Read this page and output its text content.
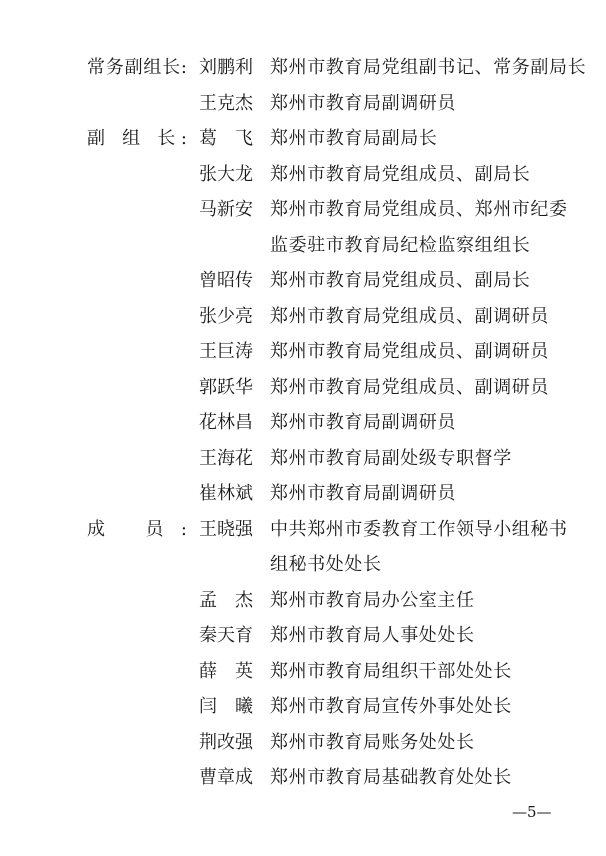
常务副组长: 刘鹏利 郑州市教育局党组副书记、常务副局长
王克杰 郑州市教育局副调研员
副 组 长: 葛 飞 郑州市教育局副局长
张大龙 郑州市教育局党组成员、副局长
马新安 郑州市教育局党组成员、郑州市纪委
监委驻市教育局纪检监察组组长
曾昭传 郑州市教育局党组成员、副局长
张少亮 郑州市教育局党组成员、副调研员
王巨涛 郑州市教育局党组成员、副调研员
郭跃华 郑州市教育局党组成员、副调研员
花林昌 郑州市教育局副调研员
王海花 郑州市教育局副处级专职督学
崔林斌 郑州市教育局副调研员
成 员: 王晓强 中共郑州市委教育工作领导小组秘书
组秘书处处长
孟 杰 郑州市教育局办公室主任
秦天育 郑州市教育局人事处处长
薛 英 郑州市教育局组织干部处处长
闫 曦 郑州市教育局宣传外事处处长
荆改强 郑州市教育局账务处处长
曹章成 郑州市教育局基础教育处处长
—5—
